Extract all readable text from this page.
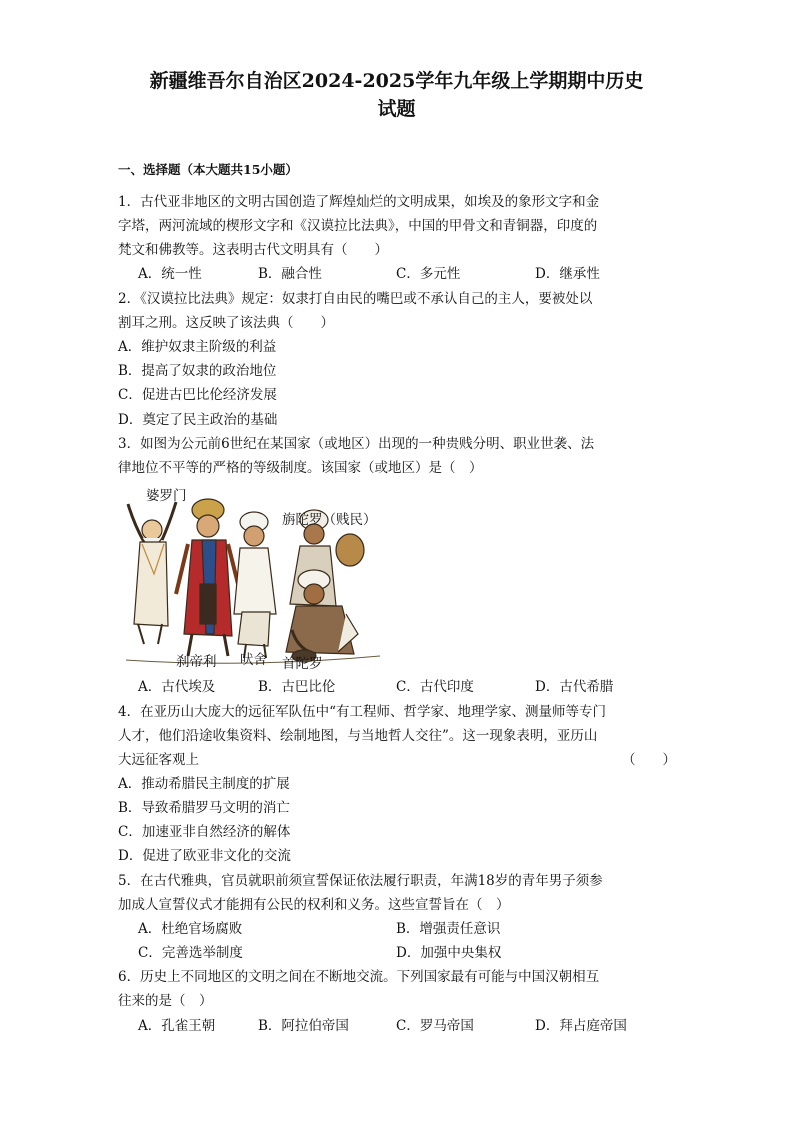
新疆维吾尔自治区2024-2025学年九年级上学期期中历史
试题
一、选择题（本大题共15小题）
1．古代亚非地区的文明古国创造了辉煌灿烂的文明成果，如埃及的象形文字和金
字塔，两河流域的楔形文字和《汉谟拉比法典》，中国的甲骨文和青铜器，印度的
梵文和佛教等。这表明古代文明具有（　　）
A．统一性	B．融合性	C．多元性	D．继承性
2．《汉谟拉比法典》规定：奴隶打自由民的嘴巴或不承认自己的主人，要被处以
割耳之刑。这反映了该法典（　　）
A．维护奴隶主阶级的利益
B．提高了奴隶的政治地位
C．促进古巴比伦经济发展
D．奠定了民主政治的基础
3．如图为公元前6世纪在某国家（或地区）出现的一种贵贱分明、职业世袭、法
律地位不平等的严格的等级制度。该国家（或地区）是（　）
婆罗门
旃陀罗（贱民）
刹帝利 吠舍 首陀罗
A．古代埃及	B．古巴比伦	C．古代印度	D．古代希腊
4．在亚历山大庞大的远征军队伍中“有工程师、哲学家、地理学家、测量师等专门
人才，他们沿途收集资料、绘制地图，与当地哲人交往”。这一现象表明，亚历山
大远征客观上	（　　）
A．推动希腊民主制度的扩展
B．导致希腊罗马文明的消亡
C．加速亚非自然经济的解体
D．促进了欧亚非文化的交流
5．在古代雅典，官员就职前须宣誓保证依法履行职责，年满18岁的青年男子须参
加成人宣誓仪式才能拥有公民的权利和义务。这些宣誓旨在（　）
A．杜绝官场腐败	B．增强责任意识
C．完善选举制度	D．加强中央集权
6．历史上不同地区的文明之间在不断地交流。下列国家最有可能与中国汉朝相互
往来的是（　）
A．孔雀王朝	B．阿拉伯帝国	C．罗马帝国	D．拜占庭帝国
